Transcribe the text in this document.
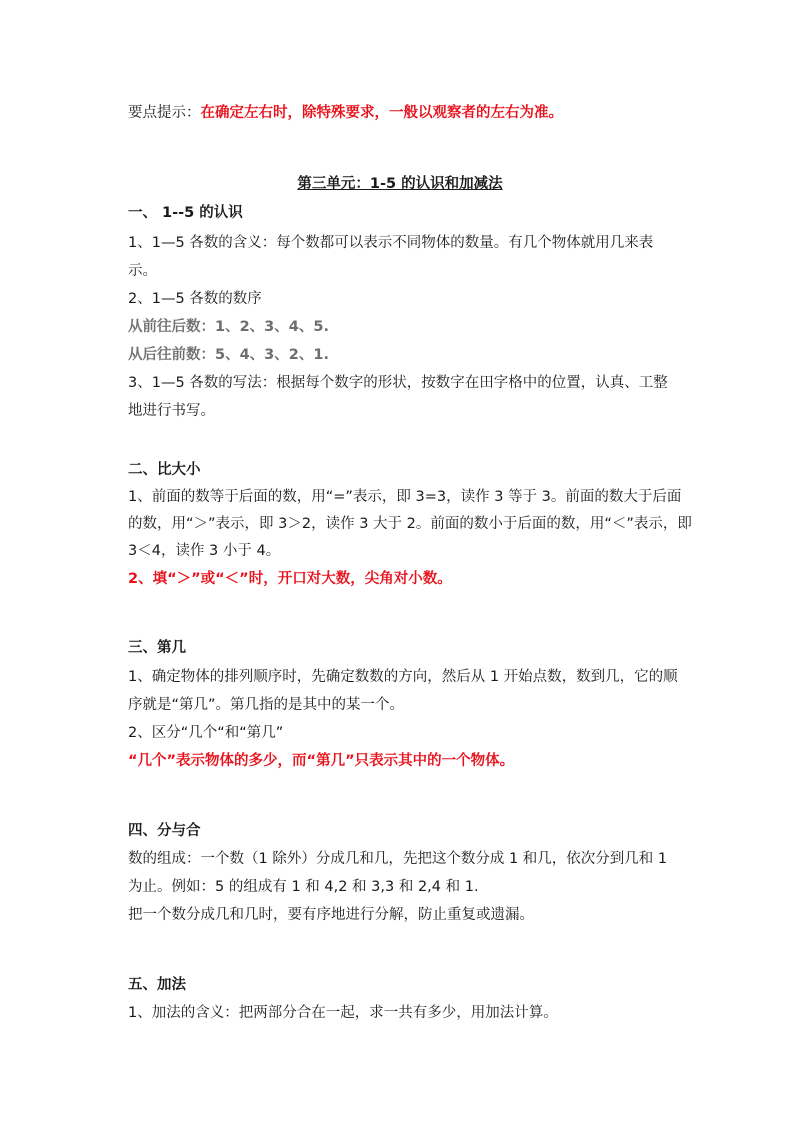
要点提示：在确定左右时，除特殊要求，一般以观察者的左右为准。
第三单元：1-5 的认识和加减法
一、 1--5 的认识
1、1—5 各数的含义：每个数都可以表示不同物体的数量。有几个物体就用几来表
示。
2、1—5 各数的数序
从前往后数：1、2、3、4、5.
从后往前数：5、4、3、2、1.
3、1—5 各数的写法：根据每个数字的形状，按数字在田字格中的位置，认真、工整
地进行书写。
二、比大小
1、前面的数等于后面的数，用“=”表示，即 3=3，读作 3 等于 3。前面的数大于后面
的数，用“＞”表示，即 3＞2，读作 3 大于 2。前面的数小于后面的数，用“＜”表示，即
3＜4，读作 3 小于 4。
2、填“＞”或“＜”时，开口对大数，尖角对小数。
三、第几
1、确定物体的排列顺序时，先确定数数的方向，然后从 1 开始点数，数到几，它的顺
序就是“第几”。第几指的是其中的某一个。
2、区分“几个“和“第几”
“几个”表示物体的多少，而“第几”只表示其中的一个物体。
四、分与合
数的组成：一个数（1 除外）分成几和几，先把这个数分成 1 和几，依次分到几和 1
为止。例如：5 的组成有 1 和 4,2 和 3,3 和 2,4 和 1.
把一个数分成几和几时，要有序地进行分解，防止重复或遗漏。
五、加法
1、加法的含义：把两部分合在一起，求一共有多少，用加法计算。
